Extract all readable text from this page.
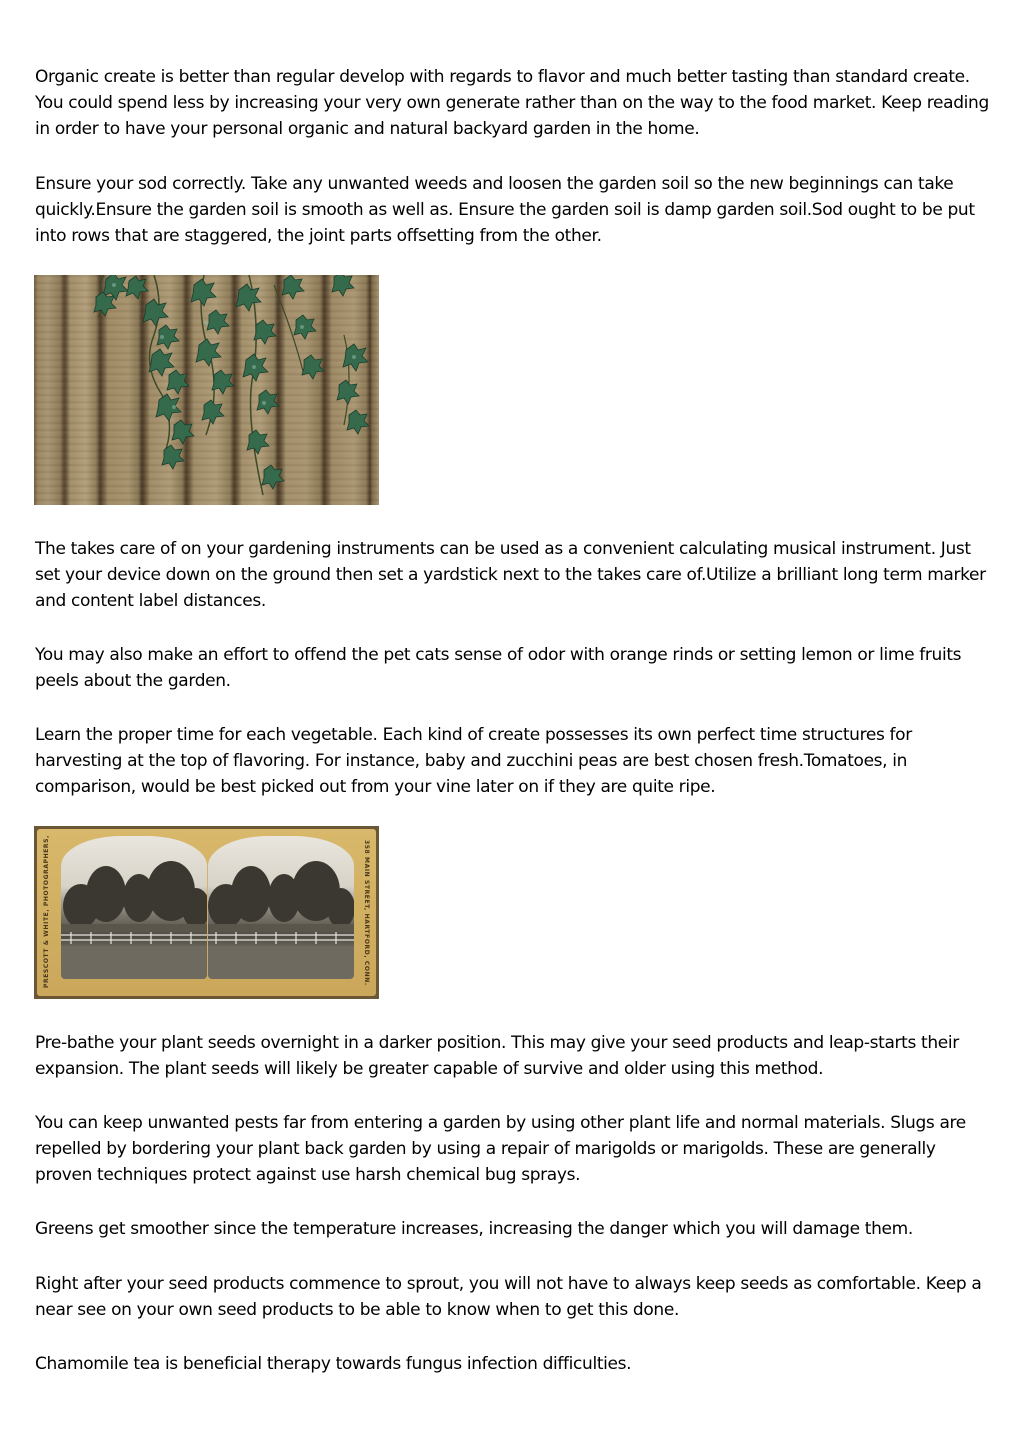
Organic create is better than regular develop with regards to flavor and much better tasting than standard create. You could spend less by increasing your very own generate rather than on the way to the food market. Keep reading in order to have your personal organic and natural backyard garden in the home.

Ensure your sod correctly. Take any unwanted weeds and loosen the garden soil so the new beginnings can take quickly.Ensure the garden soil is smooth as well as. Ensure the garden soil is damp garden soil.Sod ought to be put into rows that are staggered, the joint parts offsetting from the other.

The takes care of on your gardening instruments can be used as a convenient calculating musical instrument. Just set your device down on the ground then set a yardstick next to the takes care of.Utilize a brilliant long term marker and content label distances.

You may also make an effort to offend the pet cats sense of odor with orange rinds or setting lemon or lime fruits peels about the garden.

Learn the proper time for each vegetable. Each kind of create possesses its own perfect time structures for harvesting at the top of flavoring. For instance, baby and zucchini peas are best chosen fresh.Tomatoes, in comparison, would be best picked out from your vine later on if they are quite ripe.

PRESCOTT & WHITE, PHOTOGRAPHERS,	358 MAIN STREET, HARTFORD, CONN.

Pre-bathe your plant seeds overnight in a darker position. This may give your seed products and leap-starts their expansion. The plant seeds will likely be greater capable of survive and older using this method.

You can keep unwanted pests far from entering a garden by using other plant life and normal materials. Slugs are repelled by bordering your plant back garden by using a repair of marigolds or marigolds. These are generally proven techniques protect against use harsh chemical bug sprays.

Greens get smoother since the temperature increases, increasing the danger which you will damage them.

Right after your seed products commence to sprout, you will not have to always keep seeds as comfortable. Keep a near see on your own seed products to be able to know when to get this done.

Chamomile tea is beneficial therapy towards fungus infection difficulties.
